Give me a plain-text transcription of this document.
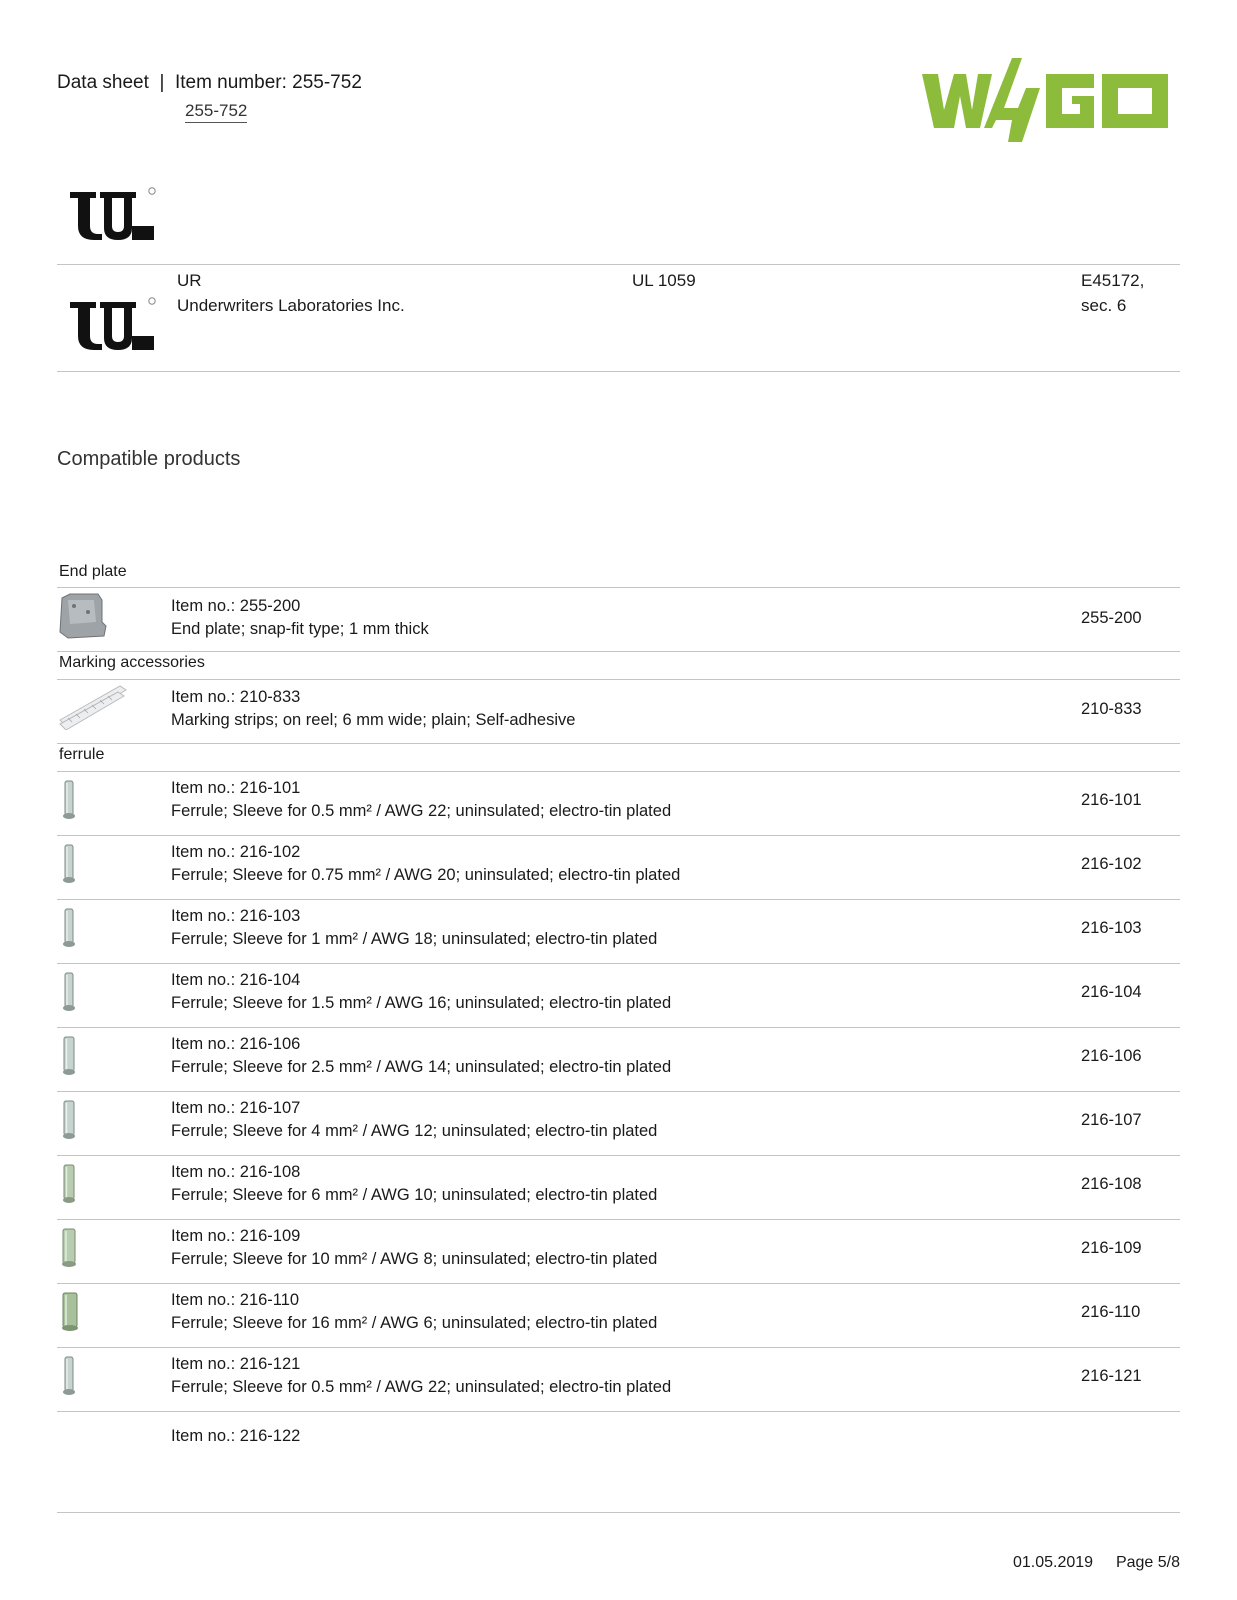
Data sheet  |  Item number: 255-752
255-752
UR
Underwriters Laboratories Inc.
UL 1059	E45172,
sec. 6
Compatible products
End plate
Item no.: 255-200
End plate; snap-fit type; 1 mm thick
255-200
Marking accessories
Item no.: 210-833
Marking strips; on reel; 6 mm wide; plain; Self-adhesive
210-833
ferrule
Item no.: 216-101
Ferrule; Sleeve for 0.5 mm² / AWG 22; uninsulated; electro-tin plated
216-101
Item no.: 216-102
Ferrule; Sleeve for 0.75 mm² / AWG 20; uninsulated; electro-tin plated
216-102
Item no.: 216-103
Ferrule; Sleeve for 1 mm² / AWG 18; uninsulated; electro-tin plated
216-103
Item no.: 216-104
Ferrule; Sleeve for 1.5 mm² / AWG 16; uninsulated; electro-tin plated
216-104
Item no.: 216-106
Ferrule; Sleeve for 2.5 mm² / AWG 14; uninsulated; electro-tin plated
216-106
Item no.: 216-107
Ferrule; Sleeve for 4 mm² / AWG 12; uninsulated; electro-tin plated
216-107
Item no.: 216-108
Ferrule; Sleeve for 6 mm² / AWG 10; uninsulated; electro-tin plated
216-108
Item no.: 216-109
Ferrule; Sleeve for 10 mm² / AWG 8; uninsulated; electro-tin plated
216-109
Item no.: 216-110
Ferrule; Sleeve for 16 mm² / AWG 6; uninsulated; electro-tin plated
216-110
Item no.: 216-121
Ferrule; Sleeve for 0.5 mm² / AWG 22; uninsulated; electro-tin plated
216-121
Item no.: 216-122
01.05.2019 Page 5/8
